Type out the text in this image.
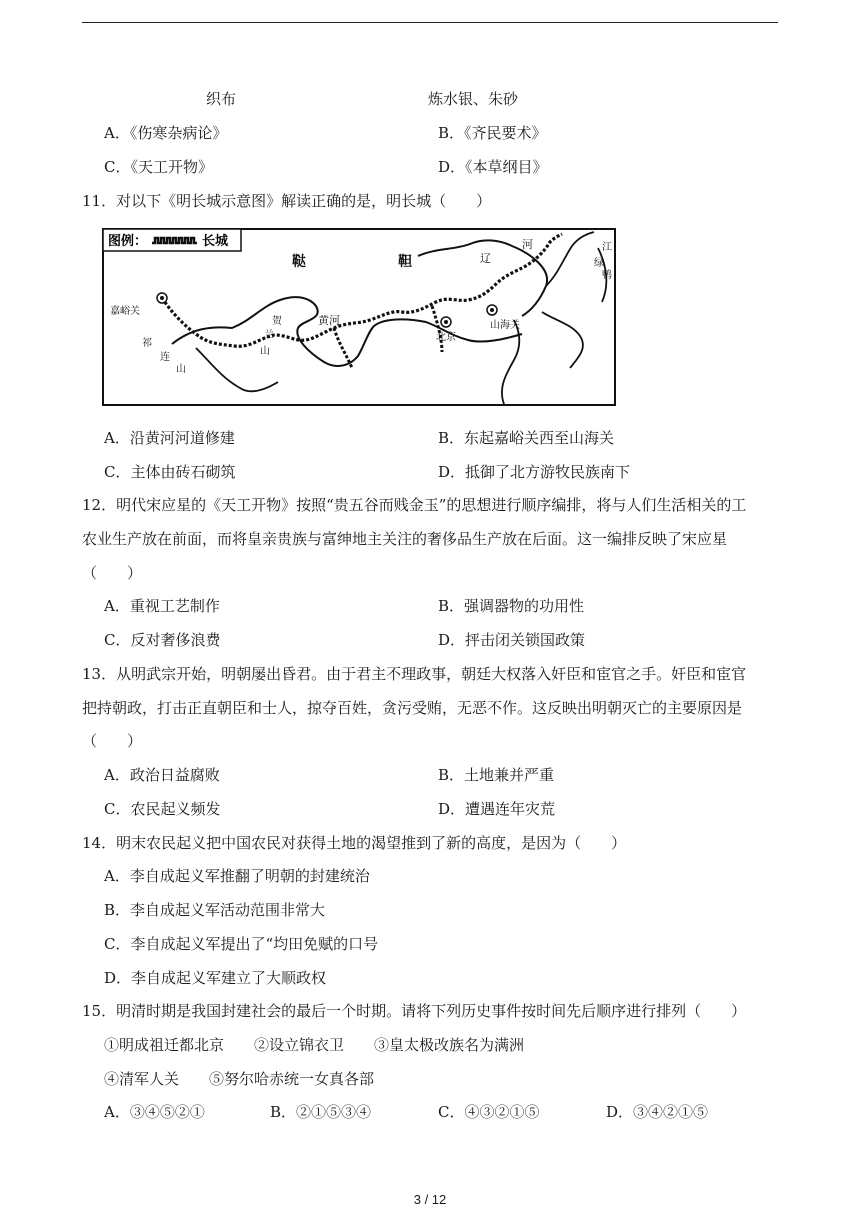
织布	炼水银、朱砂
A．《伤寒杂病论》	B．《齐民要术》
C．《天工开物》	D．《本草纲目》
11．对以下《明长城示意图》解读正确的是，明长城（　　）
图例：	长城
嘉峪关
北京
山海关
鞑	靼
祁
连
山
贺
兰
山
黄河
辽
河
鸭
绿
江
A．沿黄河河道修建	B．东起嘉峪关西至山海关
C．主体由砖石砌筑	D．抵御了北方游牧民族南下
12．明代宋应星的《天工开物》按照“贵五谷而贱金玉”的思想进行顺序编排，将与人们生活相关的工
农业生产放在前面，而将皇亲贵族与富绅地主关注的奢侈品生产放在后面。这一编排反映了宋应星
（　　）
A．重视工艺制作	B．强调器物的功用性
C．反对奢侈浪费	D．抨击闭关锁国政策
13．从明武宗开始，明朝屡出昏君。由于君主不理政事，朝廷大权落入奸臣和宦官之手。奸臣和宦官
把持朝政，打击正直朝臣和士人，掠夺百姓，贪污受贿，无恶不作。这反映出明朝灭亡的主要原因是
（　　）
A．政治日益腐败	B．土地兼并严重
C．农民起义频发	D．遭遇连年灾荒
14．明末农民起义把中国农民对获得土地的渴望推到了新的高度，是因为（　　）
A．李自成起义军推翻了明朝的封建统治
B．李自成起义军活动范围非常大
C．李自成起义军提出了“均田免赋的口号
D．李自成起义军建立了大顺政权
15．明清时期是我国封建社会的最后一个时期。请将下列历史事件按时间先后顺序进行排列（　　）
①明成祖迁都北京　　②设立锦衣卫　　③皇太极改族名为满洲
④清军人关　　⑤努尔哈赤统一女真各部
A．③④⑤②①	B．②①⑤③④	C．④③②①⑤	D．③④②①⑤
3 / 12
